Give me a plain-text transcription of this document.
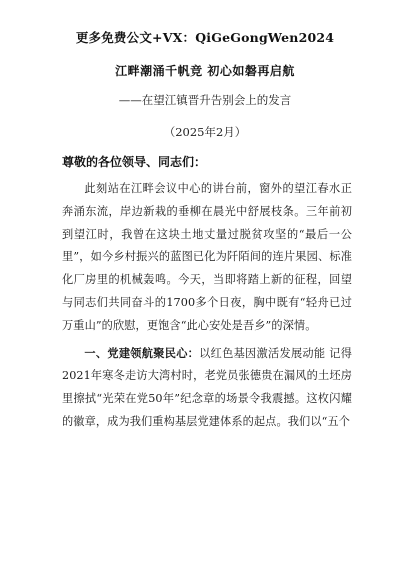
更多免费公文+VX：QiGeGongWen2024
江畔潮涌千帆竞 初心如磐再启航
——在望江镇晋升告别会上的发言
（2025年2月）
尊敬的各位领导、同志们：

此刻站在江畔会议中心的讲台前，窗外的望江春水正奔涌东流，岸边新栽的垂柳在晨光中舒展枝条。三年前初到望江时，我曾在这块土地丈量过脱贫攻坚的“最后一公里”，如今乡村振兴的蓝图已化为阡陌间的连片果园、标准化厂房里的机械轰鸣。今天，当即将踏上新的征程，回望与同志们共同奋斗的1700多个日夜，胸中既有“轻舟已过万重山”的欣慰，更饱含“此心安处是吾乡”的深情。

一、党建领航聚民心：以红色基因激活发展动能 记得2021年寒冬走访大湾村时，老党员张德贵在漏风的土坯房里擦拭“光荣在党50年”纪念章的场景令我震撼。这枚闪耀的徽章，成为我们重构基层党建体系的起点。我们以“五个
